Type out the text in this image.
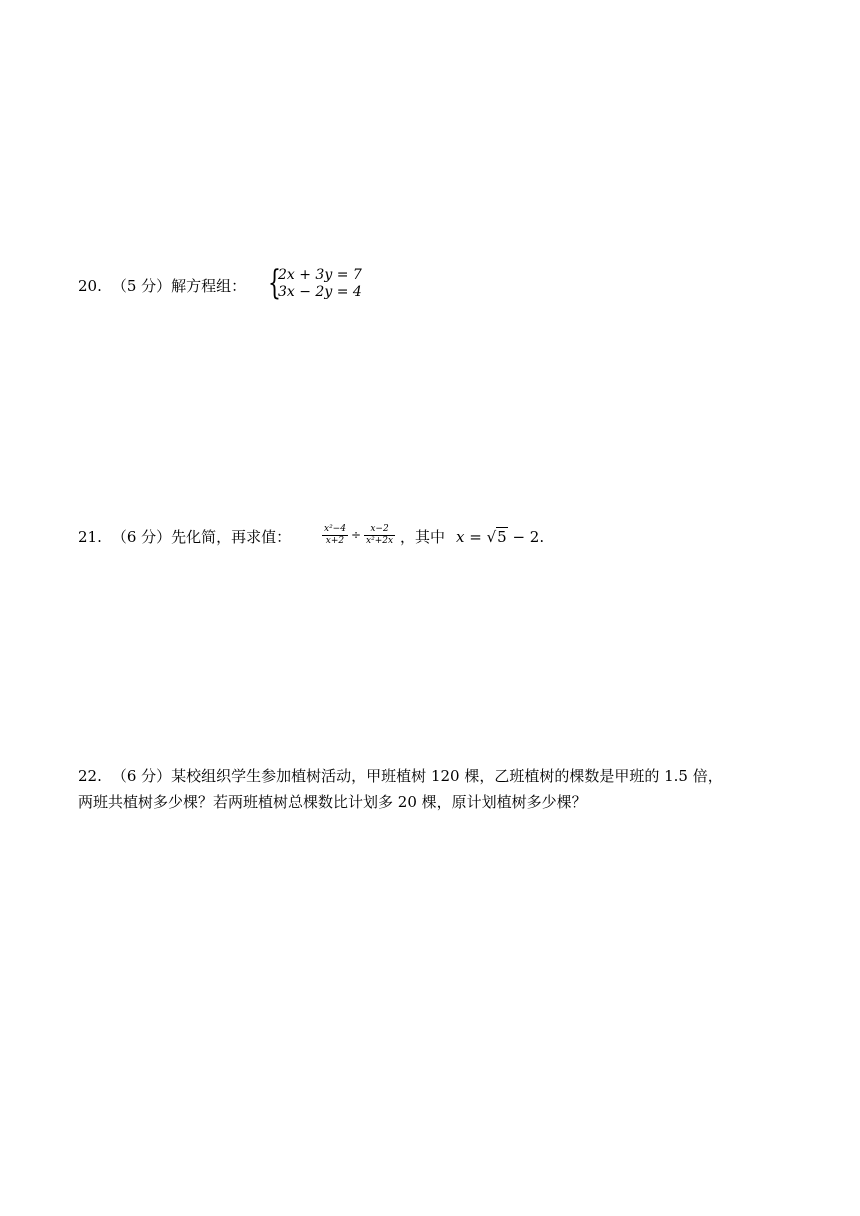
20. （5 分）解方程组： {
2x + 3y = 7
3x − 2y = 4
21. （6 分）先化简，再求值：	$\frac{\text{x²−4}}{x+2} \div \frac{x-2}{\text{x²+2x}}$ ，其中 x = √5 − 2.
22. （6 分）某校组织学生参加植树活动，甲班植树 120 棵，乙班植树的棵数是甲班的 1.5 倍，
两班共植树多少棵？若两班植树总棵数比计划多 20 棵，原计划植树多少棵？
